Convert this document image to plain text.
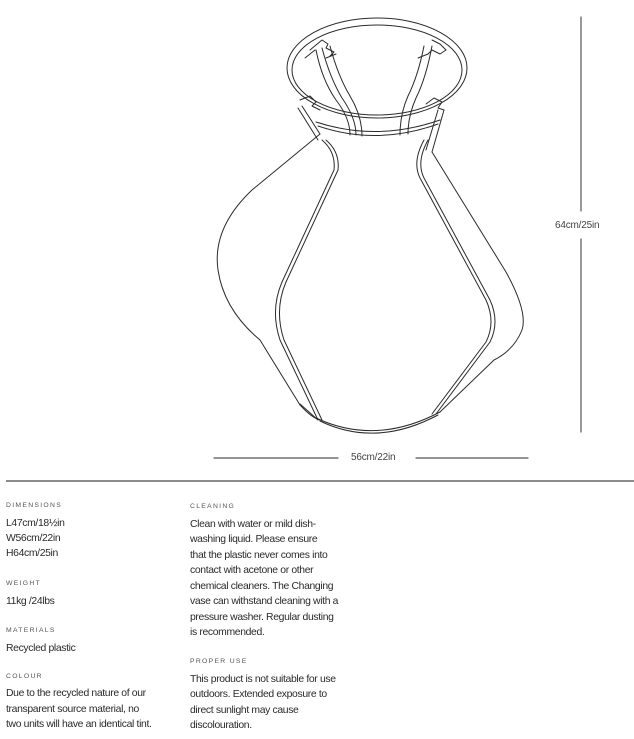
56cm/22in
64cm/25in
DIMENSIONS
L47cm/18½in
W56cm/22in
H64cm/25in
WEIGHT
11kg /24lbs
MATERIALS
Recycled plastic
COLOUR
Due to the recycled nature of our
transparent source material, no
two units will have an identical tint.
CLEANING
Clean with water or mild dish-
washing liquid. Please ensure
that the plastic never comes into
contact with acetone or other
chemical cleaners. The Changing
vase can withstand cleaning with a
pressure washer. Regular dusting
is recommended.
PROPER USE
This product is not suitable for use
outdoors. Extended exposure to
direct sunlight may cause
discolouration.
